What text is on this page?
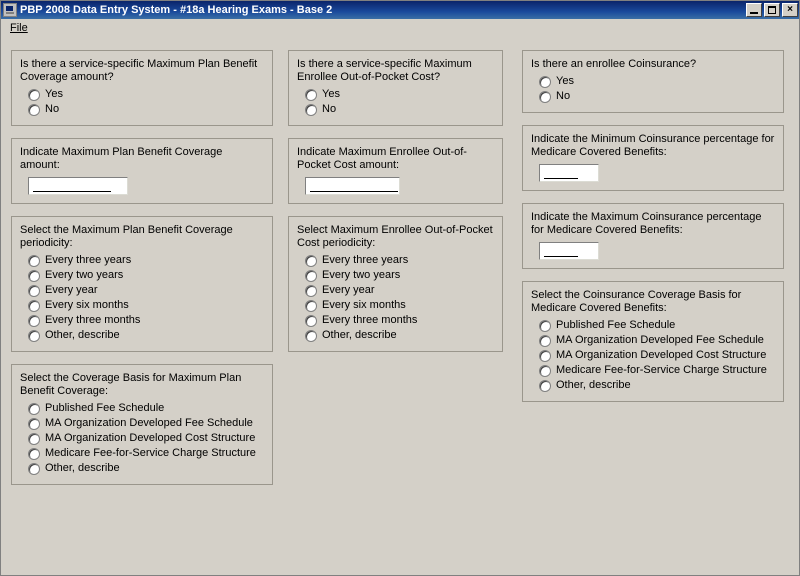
PBP 2008 Data Entry System - #18a Hearing Exams - Base 2	×
File
Is there a service-specific Maximum Plan Benefit Coverage amount?
Yes
No
Indicate Maximum Plan Benefit Coverage amount:
Select the Maximum Plan Benefit Coverage periodicity:
Every three years
Every two years
Every year
Every six months
Every three months
Other, describe
Select the Coverage Basis for Maximum Plan Benefit Coverage:
Published Fee Schedule
MA Organization Developed Fee Schedule
MA Organization Developed Cost Structure
Medicare Fee-for-Service Charge Structure
Other, describe
Is there a service-specific Maximum Enrollee Out-of-Pocket Cost?
Yes
No
Indicate Maximum Enrollee Out-of-Pocket Cost amount:
Select Maximum Enrollee Out-of-Pocket Cost periodicity:
Every three years
Every two years
Every year
Every six months
Every three months
Other, describe
Is there an enrollee Coinsurance?
Yes
No
Indicate the Minimum Coinsurance percentage for Medicare Covered Benefits:
Indicate the Maximum Coinsurance percentage for Medicare Covered Benefits:
Select the Coinsurance Coverage Basis for Medicare Covered Benefits:
Published Fee Schedule
MA Organization Developed Fee Schedule
MA Organization Developed Cost Structure
Medicare Fee-for-Service Charge Structure
Other, describe
